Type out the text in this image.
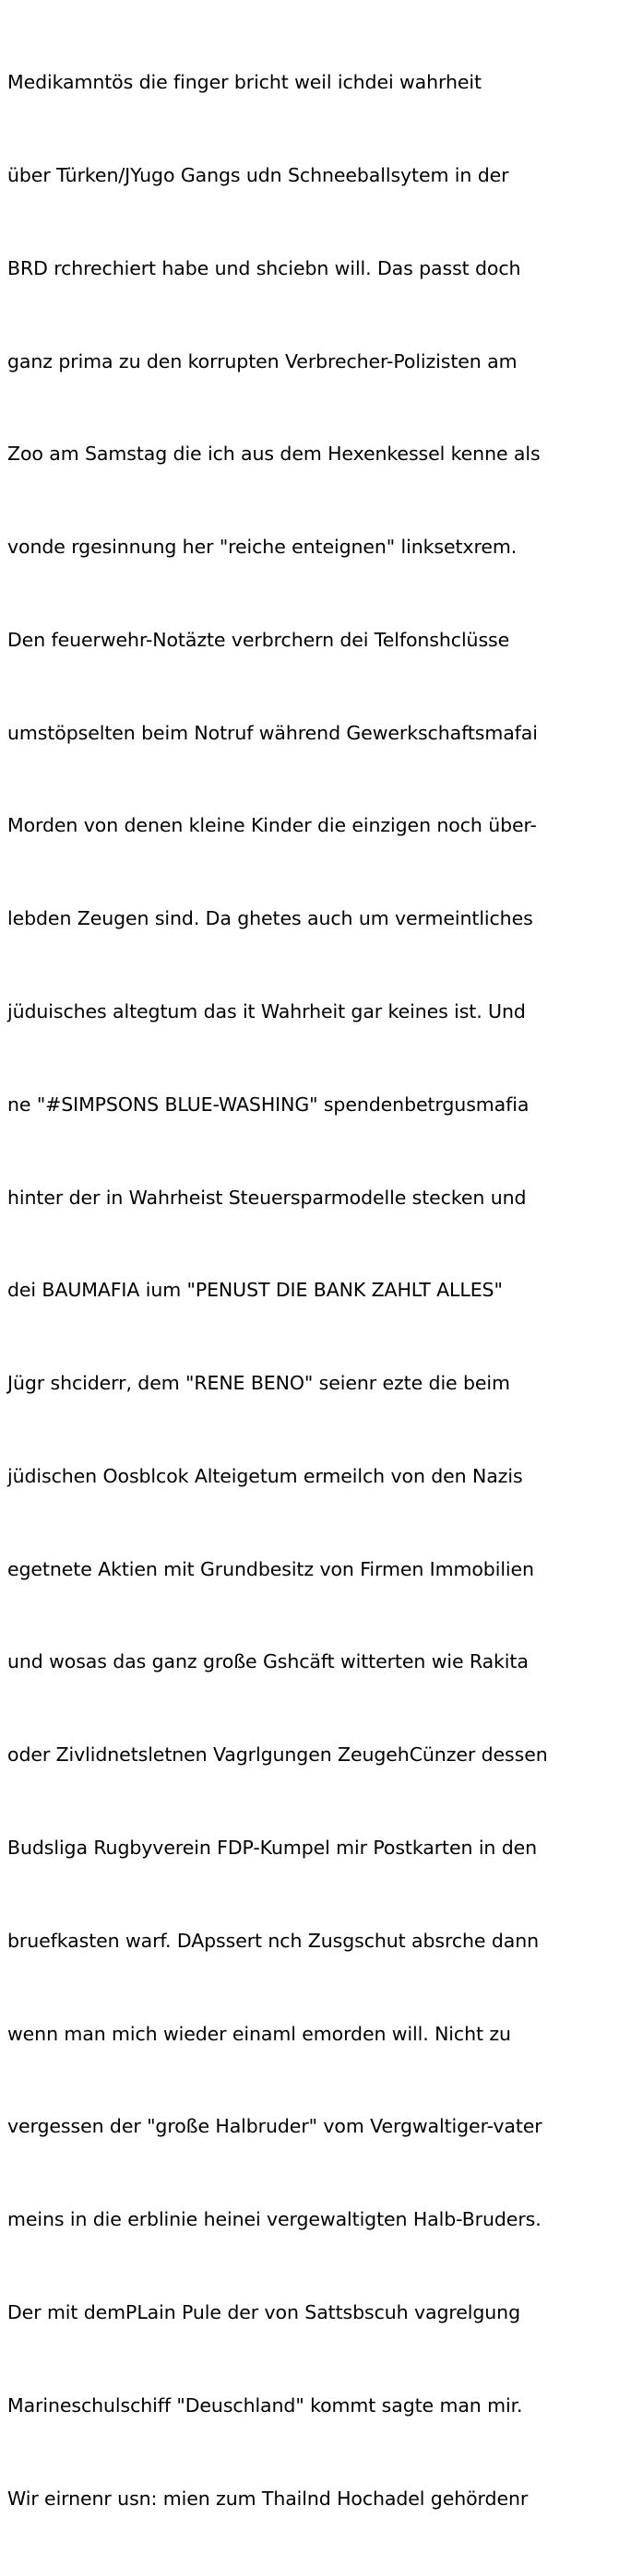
Medikamntös die finger bricht weil ichdei wahrheit

über Türken/JYugo Gangs udn Schneeballsytem in der

BRD rchrechiert habe und shciebn will. Das passt doch

ganz prima zu den korrupten Verbrecher-Polizisten am

Zoo am Samstag die ich aus dem Hexenkessel kenne als

vonde rgesinnung her "reiche enteignen" linksetxrem.

Den feuerwehr-Notäzte verbrchern dei Telfonshclüsse

umstöpselten beim Notruf während Gewerkschaftsmafai

Morden von denen kleine Kinder die einzigen noch über-

lebden Zeugen sind. Da ghetes auch um vermeintliches

jüduisches altegtum das it Wahrheit gar keines ist. Und

ne "#SIMPSONS BLUE-WASHING" spendenbetrgusmafia

hinter der in Wahrheist Steuersparmodelle stecken und

dei BAUMAFIA ium "PENUST DIE BANK ZAHLT ALLES"

Jügr shciderr, dem "RENE BENO" seienr ezte die beim

jüdischen Oosblcok Alteigetum ermeilch von den Nazis

egetnete Aktien mit Grundbesitz von Firmen Immobilien

und wosas das ganz große Gshcäft witterten wie Rakita

oder Zivlidnetsletnen Vagrlgungen ZeugehCünzer dessen

Budsliga Rugbyverein FDP-Kumpel mir Postkarten in den

bruefkasten warf. DApssert nch Zusgschut absrche dann

wenn man mich wieder einaml emorden will. Nicht zu

vergessen der "große Halbruder" vom Vergwaltiger-vater

meins in die erblinie heinei vergewaltigten Halb-Bruders.

Der mit demPLain Pule der von Sattsbscuh vagrelgung

Marineschulschiff "Deuschland" kommt sagte man mir.

Wir eirnenr usn: mien zum Thailnd Hochadel gehördenr
